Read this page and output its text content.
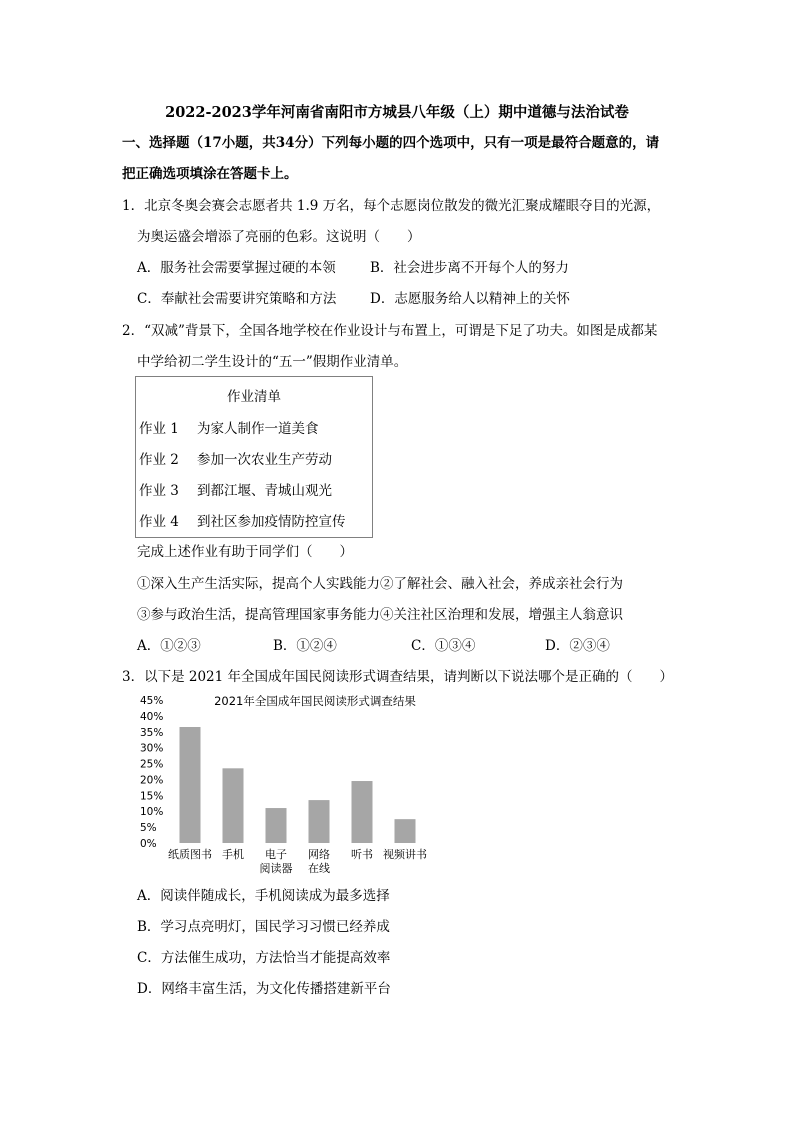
2022-2023学年河南省南阳市方城县八年级（上）期中道德与法治试卷
一、选择题（17小题，共34分）下列每小题的四个选项中，只有一项是最符合题意的，请
把正确选项填涂在答题卡上。
1．北京冬奥会赛会志愿者共 1.9 万名，每个志愿岗位散发的微光汇聚成耀眼夺目的光源，
为奥运盛会增添了亮丽的色彩。这说明（　　）
A．服务社会需要掌握过硬的本领	B．社会进步离不开每个人的努力
C．奉献社会需要讲究策略和方法 D．志愿服务给人以精神上的关怀
2．“双减”背景下，全国各地学校在作业设计与布置上，可谓是下足了功夫。如图是成都某
中学给初二学生设计的“五一”假期作业清单。
作业清单
作业 1 为家人制作一道美食
作业 2 参加一次农业生产劳动
作业 3 到都江堰、青城山观光
作业 4 到社区参加疫情防控宣传
完成上述作业有助于同学们（　　）
①深入生产生活实际，提高个人实践能力②了解社会、融入社会，养成亲社会行为
③参与政治生活，提高管理国家事务能力④关注社区治理和发展，增强主人翁意识
A．①②③	B．①②④	C．①③④	D．②③④
3．以下是 2021 年全国成年国民阅读形式调查结果，请判断以下说法哪个是正确的（　　）
2021年全国成年国民阅读形式调查结果
0%
5%
10%
15%
20%
25%
30%
35%
40%
45%
纸质图书 手机 电子
阅读器
网络
在线
听书 视频讲书
A．阅读伴随成长，手机阅读成为最多选择
B．学习点亮明灯，国民学习习惯已经养成
C．方法催生成功，方法恰当才能提高效率
D．网络丰富生活，为文化传播搭建新平台
